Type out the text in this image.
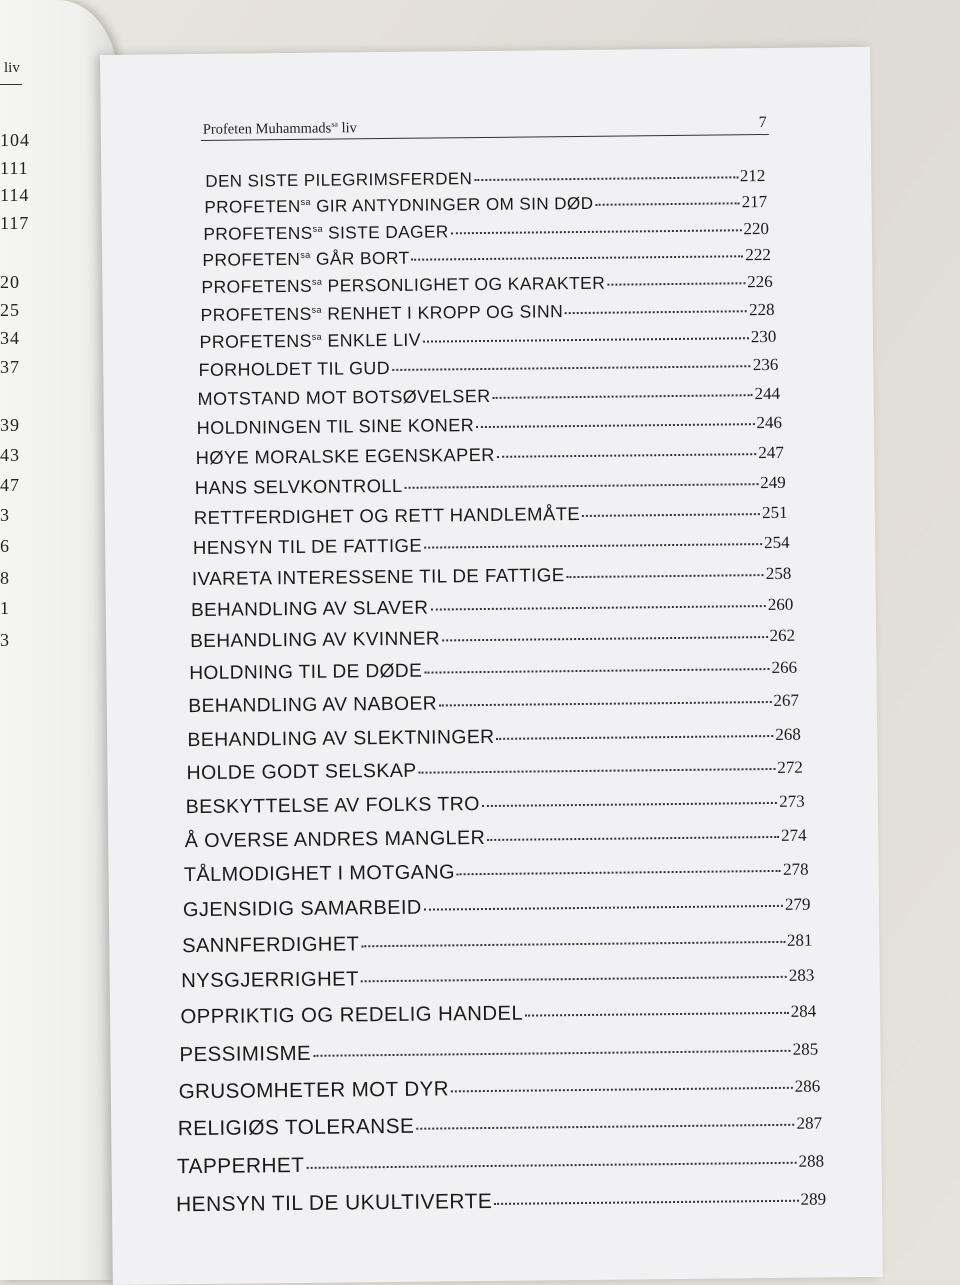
liv
104
111
114
117
20
25
34
37
39
43
47
3
6
8
1
3
Profeten Muhammads$^{sa}$ liv	7
DEN SISTE PILEGRIMSFERDEN	212
$PROFETEN^{sa}$ GIR ANTYDNINGER OM SIN DØD	217
$PROFETENS^{sa}$ SISTE DAGER	220
$PROFETEN^{sa}$ GÅR BORT	222
$PROFETENS^{sa}$ PERSONLIGHET OG KARAKTER	226
$PROFETENS^{sa}$ RENHET I KROPP OG SINN	228
$PROFETENS^{sa}$ ENKLE LIV	230
FORHOLDET TIL GUD	236
MOTSTAND MOT BOTSØVELSER	244
HOLDNINGEN TIL SINE KONER	246
HØYE MORALSKE EGENSKAPER	247
HANS SELVKONTROLL	249
RETTFERDIGHET OG RETT HANDLEMÅTE	251
HENSYN TIL DE FATTIGE	254
IVARETA INTERESSENE TIL DE FATTIGE	258
BEHANDLING AV SLAVER	260
BEHANDLING AV KVINNER	262
HOLDNING TIL DE DØDE	266
BEHANDLING AV NABOER	267
BEHANDLING AV SLEKTNINGER	268
HOLDE GODT SELSKAP	272
BESKYTTELSE AV FOLKS TRO	273
Å OVERSE ANDRES MANGLER	274
TÅLMODIGHET I MOTGANG	278
GJENSIDIG SAMARBEID	279
SANNFERDIGHET	281
NYSGJERRIGHET	283
OPPRIKTIG OG REDELIG HANDEL	284
PESSIMISME	285
GRUSOMHETER MOT DYR	286
RELIGIØS TOLERANSE	287
TAPPERHET	288
HENSYN TIL DE UKULTIVERTE	289
